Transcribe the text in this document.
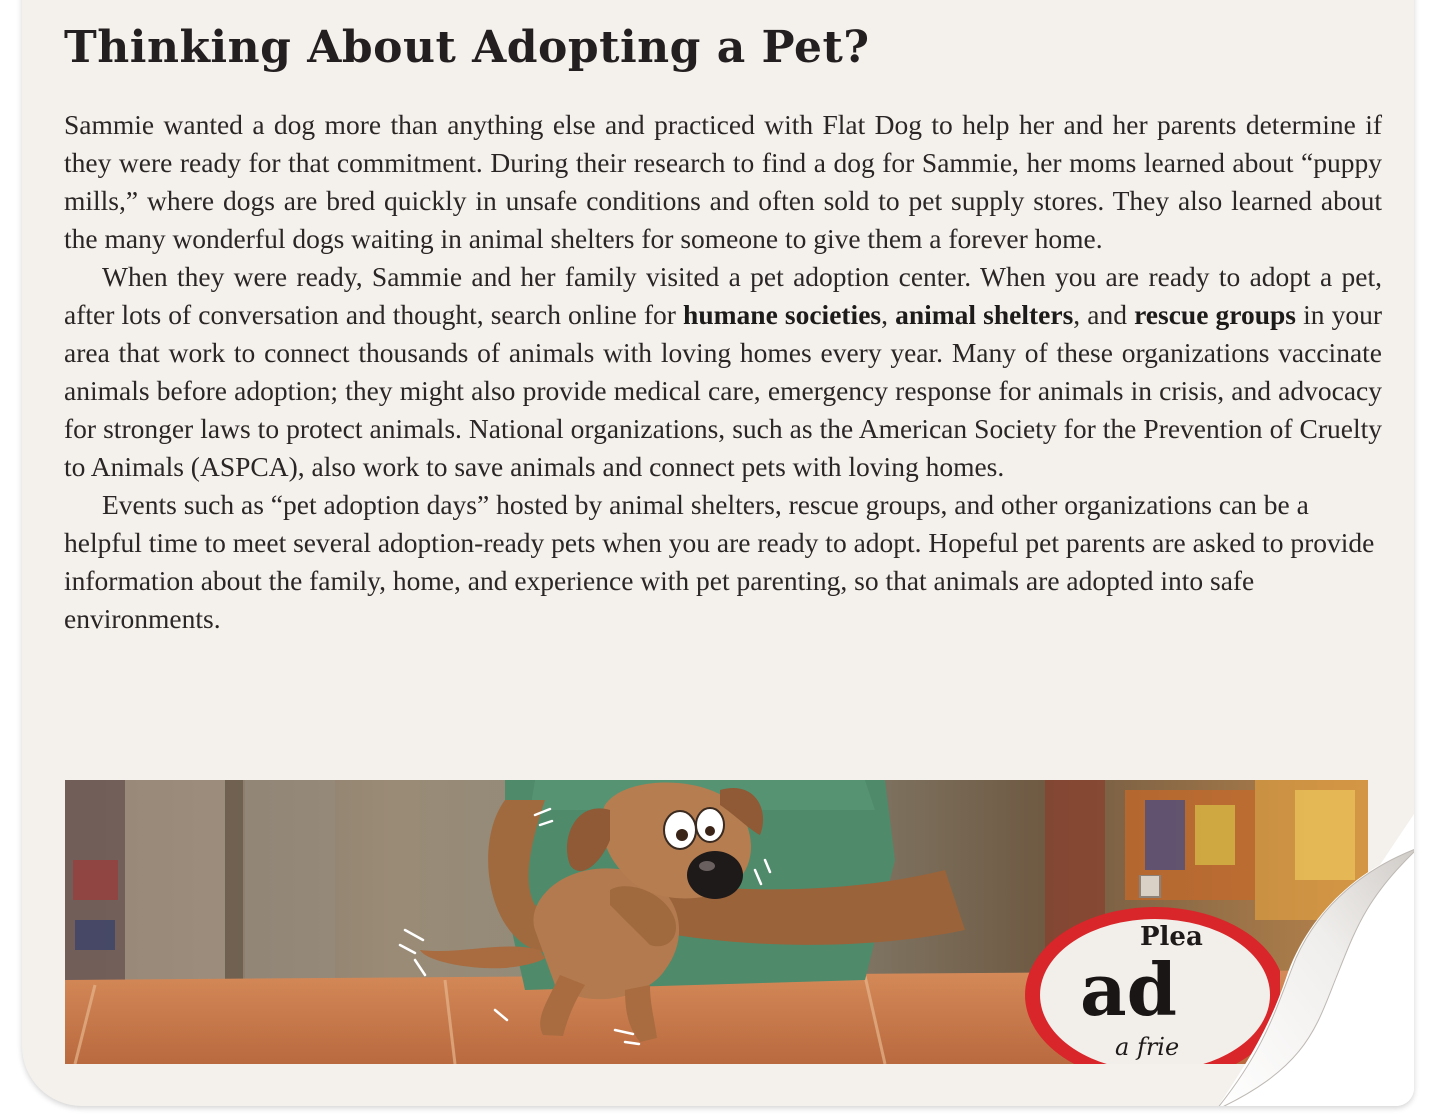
Thinking About Adopting a Pet?

Sammie wanted a dog more than anything else and practiced with Flat Dog to help her and her parents determine if they were ready for that commitment. During their research to find a dog for Sammie, her moms learned about “puppy mills,” where dogs are bred quickly in unsafe conditions and often sold to pet supply stores. They also learned about the many wonderful dogs waiting in animal shelters for someone to give them a forever home.

When they were ready, Sammie and her family visited a pet adoption center. When you are ready to adopt a pet, after lots of conversation and thought, search online for humane societies, animal shelters, and rescue groups in your area that work to connect thousands of animals with loving homes every year. Many of these organizations vaccinate animals before adoption; they might also provide medical care, emergency response for animals in crisis, and advocacy for stronger laws to protect animals. National organizations, such as the American Society for the Prevention of Cruelty to Animals (ASPCA), also work to save animals and connect pets with loving homes.

Events such as “pet adoption days” hosted by animal shelters, rescue groups, and other organizations can be a helpful time to meet several adoption-ready pets when you are ready to adopt. Hopeful pet parents are asked to provide information about the family, home, and experience with pet parenting, so that animals are adopted into safe environments.

Plea
ad
a frie
